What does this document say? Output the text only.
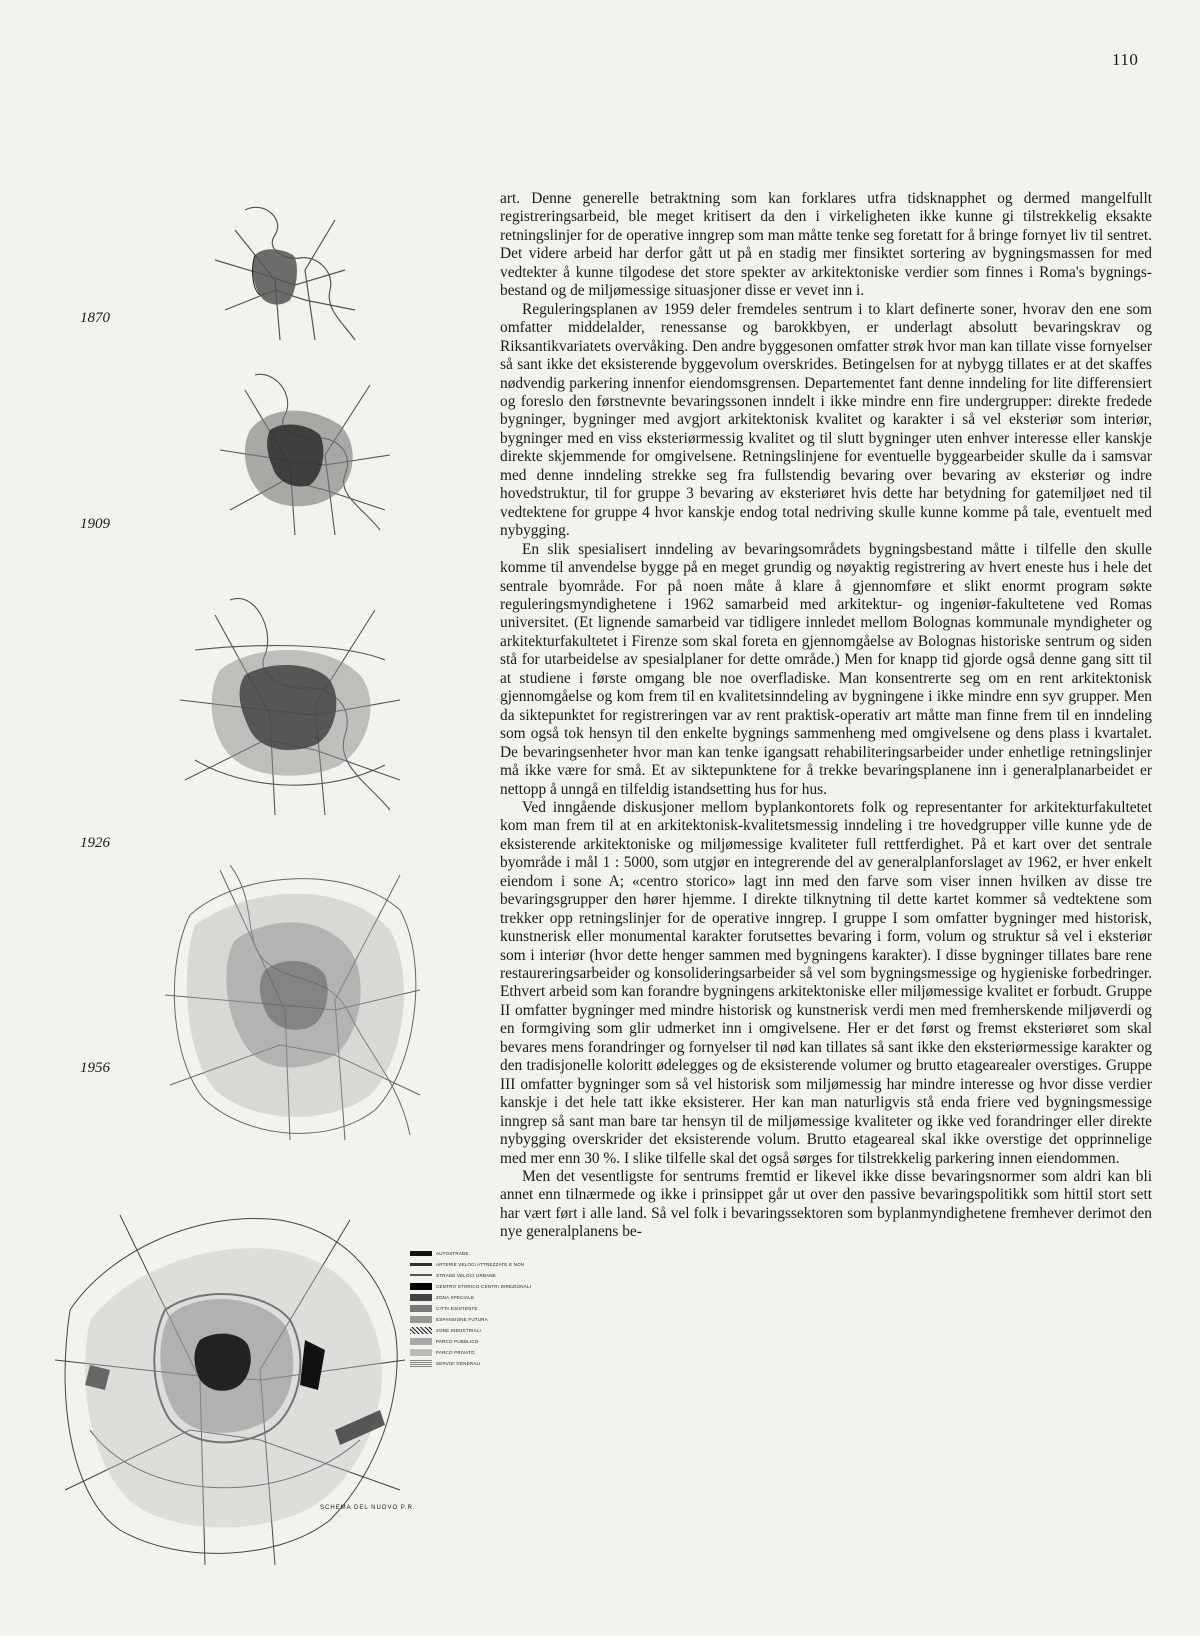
110
1870
1909
1926
1956
AUTOSTRADE
ARTERIE VELOCI ATTREZZATE E NON
STRADE VELOCI URBANE
CENTRO STORICO-CENTRI DIREZIONALI
ZONA SPECIALE
CITTA ESISTENTE
ESPANSIONE FUTURA
ZONE INDUSTRIALI
PARCO PUBBLICO
PARCO PRIVATO
SERVIZI GENERALI
SCHEMA DEL NUOVO P.R.

art. Denne generelle betraktning som kan forklares utfra tidsknapphet og dermed mangelfullt registreringsarbeid, ble meget kritisert da den i virkeligheten ikke kunne gi tilstrekkelig eksakte retningslinjer for de operative inngrep som man måtte tenke seg foretatt for å bringe fornyet liv til sentret. Det videre arbeid har derfor gått ut på en stadig mer finsiktet sortering av bygningsmassen for med vedtekter å kunne tilgodese det store spekter av arkitektoniske verdier som finnes i Roma's bygnings-bestand og de miljømessige situasjoner disse er vevet inn i.

Reguleringsplanen av 1959 deler fremdeles sentrum i to klart definerte soner, hvorav den ene som omfatter middelalder, renessanse og barokkbyen, er underlagt absolutt bevaringskrav og Riksantikvariatets overvåking. Den andre byggesonen omfatter strøk hvor man kan tillate visse fornyelser så sant ikke det eksisterende byggevolum overskrides. Betingelsen for at nybygg tillates er at det skaffes nødvendig parkering innenfor eiendomsgrensen. Departementet fant denne inndeling for lite differensiert og foreslo den førstnevnte bevaringssonen inndelt i ikke mindre enn fire undergrupper: direkte fredede bygninger, bygninger med avgjort arkitektonisk kvalitet og karakter i så vel eksteriør som interiør, bygninger med en viss eksteriørmessig kvalitet og til slutt bygninger uten enhver interesse eller kanskje direkte skjemmende for omgivelsene. Retningslinjene for eventuelle byggearbeider skulle da i samsvar med denne inndeling strekke seg fra fullstendig bevaring over bevaring av eksteriør og indre hovedstruktur, til for gruppe 3 bevaring av eksteriøret hvis dette har betydning for gatemiljøet ned til vedtektene for gruppe 4 hvor kanskje endog total nedriving skulle kunne komme på tale, eventuelt med nybygging.

En slik spesialisert inndeling av bevaringsområdets bygningsbestand måtte i tilfelle den skulle komme til anvendelse bygge på en meget grundig og nøyaktig registrering av hvert eneste hus i hele det sentrale byområde. For på noen måte å klare å gjennomføre et slikt enormt program søkte reguleringsmyndighetene i 1962 samarbeid med arkitektur- og ingeniør-fakultetene ved Romas universitet. (Et lignende samarbeid var tidligere innledet mellom Bolognas kommunale myndigheter og arkitekturfakultetet i Firenze som skal foreta en gjennomgåelse av Bolognas historiske sentrum og siden stå for utarbeidelse av spesialplaner for dette område.) Men for knapp tid gjorde også denne gang sitt til at studiene i første omgang ble noe overfladiske. Man konsentrerte seg om en rent arkitektonisk gjennomgåelse og kom frem til en kvalitetsinndeling av bygningene i ikke mindre enn syv grupper. Men da siktepunktet for registreringen var av rent praktisk-operativ art måtte man finne frem til en inndeling som også tok hensyn til den enkelte bygnings sammenheng med omgivelsene og dens plass i kvartalet. De bevaringsenheter hvor man kan tenke igangsatt rehabiliteringsarbeider under enhetlige retningslinjer må ikke være for små. Et av siktepunktene for å trekke bevaringsplanene inn i generalplanarbeidet er nettopp å unngå en tilfeldig istandsetting hus for hus.

Ved inngående diskusjoner mellom byplankontorets folk og representanter for arkitekturfakultetet kom man frem til at en arkitektonisk-kvalitetsmessig inndeling i tre hovedgrupper ville kunne yde de eksisterende arkitektoniske og miljømessige kvaliteter full rettferdighet. På et kart over det sentrale byområde i mål 1 : 5000, som utgjør en integrerende del av generalplanforslaget av 1962, er hver enkelt eiendom i sone A; «centro storico» lagt inn med den farve som viser innen hvilken av disse tre bevaringsgrupper den hører hjemme. I direkte tilknytning til dette kartet kommer så vedtektene som trekker opp retningslinjer for de operative inngrep. I gruppe I som omfatter bygninger med historisk, kunstnerisk eller monumental karakter forutsettes bevaring i form, volum og struktur så vel i eksteriør som i interiør (hvor dette henger sammen med bygningens karakter). I disse bygninger tillates bare rene restaureringsarbeider og konsolideringsarbeider så vel som bygningsmessige og hygieniske forbedringer. Ethvert arbeid som kan forandre bygningens arkitektoniske eller miljømessige kvalitet er forbudt. Gruppe II omfatter bygninger med mindre historisk og kunstnerisk verdi men med fremherskende miljøverdi og en formgiving som glir udmerket inn i omgivelsene. Her er det først og fremst eksteriøret som skal bevares mens forandringer og fornyelser til nød kan tillates så sant ikke den eksteriørmessige karakter og den tradisjonelle koloritt ødelegges og de eksisterende volumer og brutto etagearealer overstiges. Gruppe III omfatter bygninger som så vel historisk som miljømessig har mindre interesse og hvor disse verdier kanskje i det hele tatt ikke eksisterer. Her kan man naturligvis stå enda friere ved bygningsmessige inngrep så sant man bare tar hensyn til de miljømessige kvaliteter og ikke ved forandringer eller direkte nybygging overskrider det eksisterende volum. Brutto etageareal skal ikke overstige det opprinnelige med mer enn 30 %. I slike tilfelle skal det også sørges for tilstrekkelig parkering innen eiendommen.

Men det vesentligste for sentrums fremtid er likevel ikke disse bevaringsnormer som aldri kan bli annet enn tilnærmede og ikke i prinsippet går ut over den passive bevaringspolitikk som hittil stort sett har vært ført i alle land. Så vel folk i bevaringssektoren som byplanmyndighetene fremhever derimot den nye generalplanens be-
